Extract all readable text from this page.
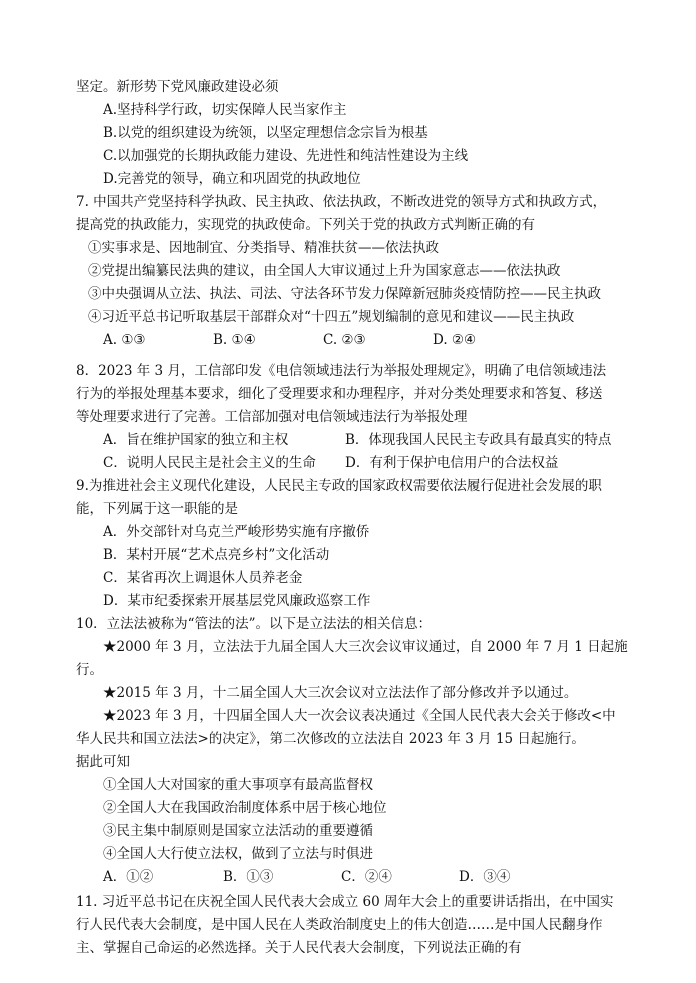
坚定。新形势下党风廉政建设必须
A.坚持科学行政，切实保障人民当家作主
B.以党的组织建设为统领，以坚定理想信念宗旨为根基
C.以加强党的长期执政能力建设、先进性和纯洁性建设为主线
D.完善党的领导，确立和巩固党的执政地位
7. 中国共产党坚持科学执政、民主执政、依法执政，不断改进党的领导方式和执政方式，
提高党的执政能力，实现党的执政使命。下列关于党的执政方式判断正确的有
①实事求是、因地制宜、分类指导、精准扶贫——依法执政
②党提出编纂民法典的建议，由全国人大审议通过上升为国家意志——依法执政
③中央强调从立法、执法、司法、守法各环节发力保障新冠肺炎疫情防控——民主执政
④习近平总书记听取基层干部群众对“十四五”规划编制的意见和建议——民主执政
A. ①③	B. ①④	C. ②③	D. ②④
8．2023 年 3 月，工信部印发《电信领域违法行为举报处理规定》，明确了电信领域违法
行为的举报处理基本要求，细化了受理要求和办理程序，并对分类处理要求和答复、移送
等处理要求进行了完善。工信部加强对电信领域违法行为举报处理
A．旨在维护国家的独立和主权	B．体现我国人民民主专政具有最真实的特点
C．说明人民民主是社会主义的生命 D．有利于保护电信用户的合法权益
9.为推进社会主义现代化建设，人民民主专政的国家政权需要依法履行促进社会发展的职
能，下列属于这一职能的是
A．外交部针对乌克兰严峻形势实施有序撤侨
B．某村开展“艺术点亮乡村”文化活动
C．某省再次上调退休人员养老金
D．某市纪委探索开展基层党风廉政巡察工作
10．立法法被称为“管法的法”。以下是立法法的相关信息：
★2000 年 3 月，立法法于九届全国人大三次会议审议通过，自 2000 年 7 月 1 日起施
行。
★2015 年 3 月，十二届全国人大三次会议对立法法作了部分修改并予以通过。
★2023 年 3 月，十四届全国人大一次会议表决通过《全国人民代表大会关于修改<中
华人民共和国立法法>的决定》，第二次修改的立法法自 2023 年 3 月 15 日起施行。
据此可知
①全国人大对国家的重大事项享有最高监督权
②全国人大在我国政治制度体系中居于核心地位
③民主集中制原则是国家立法活动的重要遵循
④全国人大行使立法权，做到了立法与时俱进
A．①②	B．①③	C．②④	D．③④
11. 习近平总书记在庆祝全国人民代表大会成立 60 周年大会上的重要讲话指出，在中国实
行人民代表大会制度，是中国人民在人类政治制度史上的伟大创造……是中国人民翻身作
主、掌握自己命运的必然选择。关于人民代表大会制度，下列说法正确的有
